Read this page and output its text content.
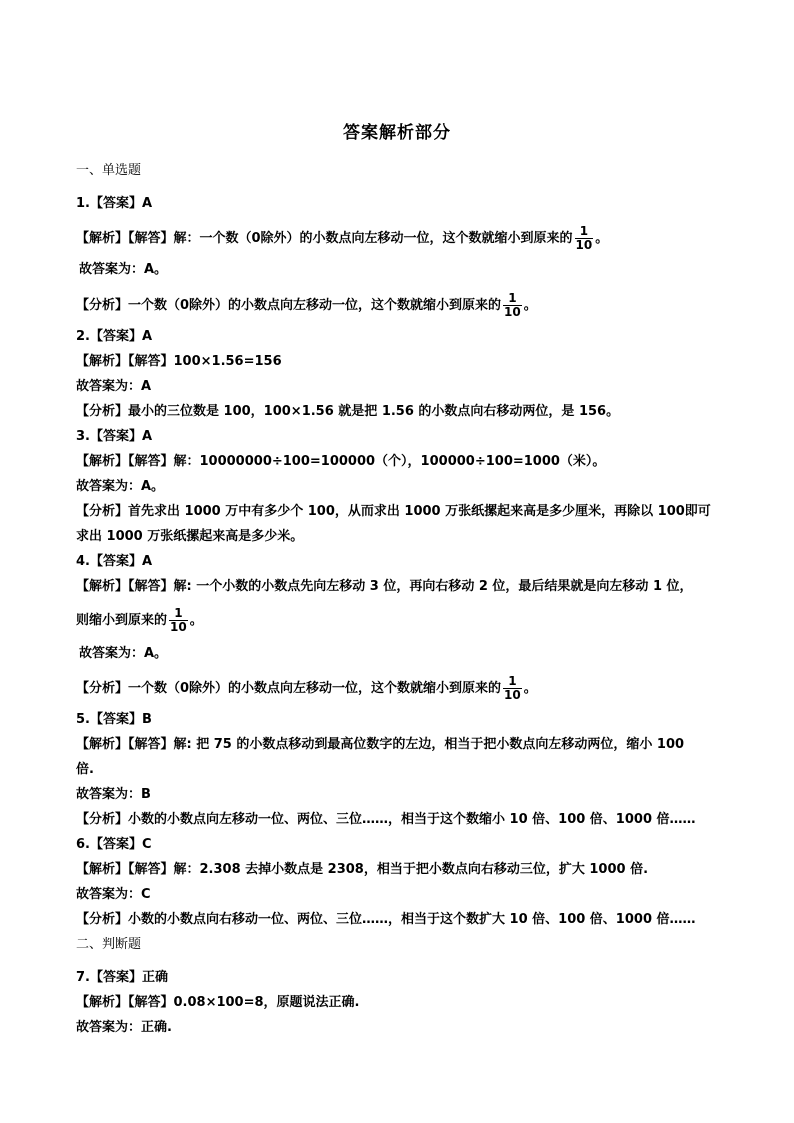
答案解析部分
一、单选题
1.【答案】A
【解析】【解答】解：一个数（0除外）的小数点向左移动一位，这个数就缩小到原来的 $\frac{1}{10}$ 。
故答案为：A。
【分析】一个数（0除外）的小数点向左移动一位，这个数就缩小到原来的 $\frac{1}{10}$ 。
2.【答案】A
【解析】【解答】100×1.56=156
故答案为：A
【分析】最小的三位数是 100，100×1.56 就是把 1.56 的小数点向右移动两位，是 156。
3.【答案】A
【解析】【解答】解：10000000÷100=100000（个），100000÷100=1000（米）。
故答案为：A。
【分析】首先求出 1000 万中有多少个 100，从而求出 1000 万张纸摞起来高是多少厘米，再除以 100即可
求出 1000 万张纸摞起来高是多少米。
4.【答案】A
【解析】【解答】解: 一个小数的小数点先向左移动 3 位，再向右移动 2 位，最后结果就是向左移动 1 位，
则缩小到原来的 $\frac{1}{10}$ 。
故答案为：A。
【分析】一个数（0除外）的小数点向左移动一位，这个数就缩小到原来的 $\frac{1}{10}$ 。
5.【答案】B
【解析】【解答】解: 把 75 的小数点移动到最高位数字的左边，相当于把小数点向左移动两位，缩小 100
倍.
故答案为：B
【分析】小数的小数点向左移动一位、两位、三位……，相当于这个数缩小 10 倍、100 倍、1000 倍……
6.【答案】C
【解析】【解答】解：2.308 去掉小数点是 2308，相当于把小数点向右移动三位，扩大 1000 倍.
故答案为：C
【分析】小数的小数点向右移动一位、两位、三位……，相当于这个数扩大 10 倍、100 倍、1000 倍……
二、判断题
7.【答案】正确
【解析】【解答】0.08×100=8，原题说法正确.
故答案为：正确.
